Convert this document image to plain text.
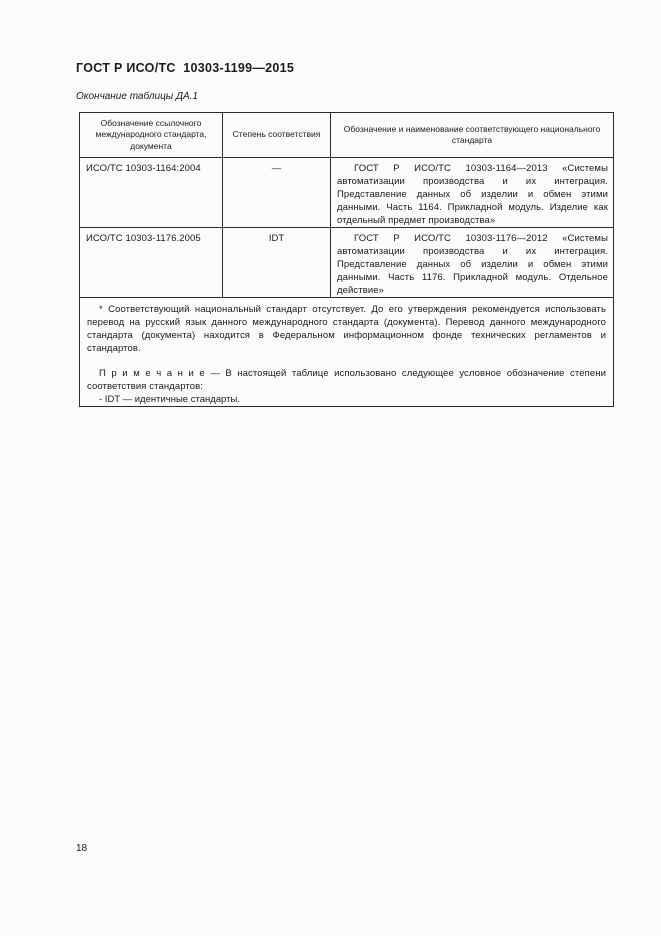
ГОСТ Р ИСО/ТС  10303-1199—2015
Окончание таблицы ДА.1
Обозначение ссылочного международного стандарта, документа	Степень соответствия	Обозначение и наименование соответствующего национального стандарта
ИСО/ТС 10303-1164:2004	—	ГОСТ Р ИСО/ТС 10303-1164—2013 «Системы автоматизации производства и их интеграция. Представление данных об изделии и обмен этими данными. Часть 1164. Прикладной модуль. Изделие как отдельный предмет производства»
ИСО/ТС 10303-1176.2005	IDT	ГОСТ Р ИСО/ТС 10303-1176—2012 «Системы автоматизации производства и их интеграция. Представление данных об изделии и обмен этими данными. Часть 1176. Прикладной модуль. Отдельное действие»

* Соответствующий национальный стандарт отсутствует. До его утверждения рекомендуется использовать перевод на русский язык данного международного стандарта (документа). Перевод данного международного стандарта (документа) находится в Федеральном информационном фонде технических регламентов и стандартов.

П р и м е ч а н и е — В настоящей таблице использовано следующее условное обозначение степени соответствия стандартов:

- IDT — идентичные стандарты.		

18
